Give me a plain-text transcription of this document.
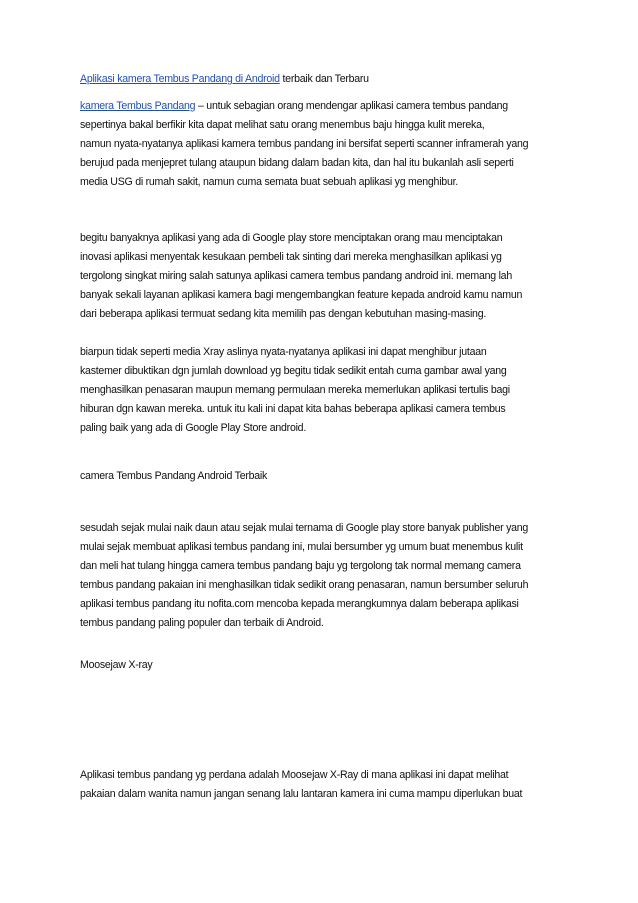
Aplikasi kamera Tembus Pandang di Android terbaik dan Terbaru
kamera Tembus Pandang – untuk sebagian orang mendengar aplikasi camera tembus pandang
sepertinya bakal berfikir kita dapat melihat satu orang menembus baju hingga kulit mereka,
namun nyata-nyatanya aplikasi kamera tembus pandang ini bersifat seperti scanner inframerah yang
berujud pada menjepret tulang ataupun bidang dalam badan kita, dan hal itu bukanlah asli seperti
media USG di rumah sakit, namun cuma semata buat sebuah aplikasi yg menghibur.
begitu banyaknya aplikasi yang ada di Google play store menciptakan orang mau menciptakan
inovasi aplikasi menyentak kesukaan pembeli tak sinting dari mereka menghasilkan aplikasi yg
tergolong singkat miring salah satunya aplikasi camera tembus pandang android ini. memang lah
banyak sekali layanan aplikasi kamera bagi mengembangkan feature kepada android kamu namun
dari beberapa aplikasi termuat sedang kita memilih pas dengan kebutuhan masing-masing.
biarpun tidak seperti media Xray aslinya nyata-nyatanya aplikasi ini dapat menghibur jutaan
kastemer dibuktikan dgn jumlah download yg begitu tidak sedikit entah cuma gambar awal yang
menghasilkan penasaran maupun memang permulaan mereka memerlukan aplikasi tertulis bagi
hiburan dgn kawan mereka. untuk itu kali ini dapat kita bahas beberapa aplikasi camera tembus
paling baik yang ada di Google Play Store android.
camera Tembus Pandang Android Terbaik
sesudah sejak mulai naik daun atau sejak mulai ternama di Google play store banyak publisher yang
mulai sejak membuat aplikasi tembus pandang ini, mulai bersumber yg umum buat menembus kulit
dan meli hat tulang hingga camera tembus pandang baju yg tergolong tak normal memang camera
tembus pandang pakaian ini menghasilkan tidak sedikit orang penasaran, namun bersumber seluruh
aplikasi tembus pandang itu nofita.com mencoba kepada merangkumnya dalam beberapa aplikasi
tembus pandang paling populer dan terbaik di Android.
Moosejaw X-ray
Aplikasi tembus pandang yg perdana adalah Moosejaw X-Ray di mana aplikasi ini dapat melihat
pakaian dalam wanita namun jangan senang lalu lantaran kamera ini cuma mampu diperlukan buat
